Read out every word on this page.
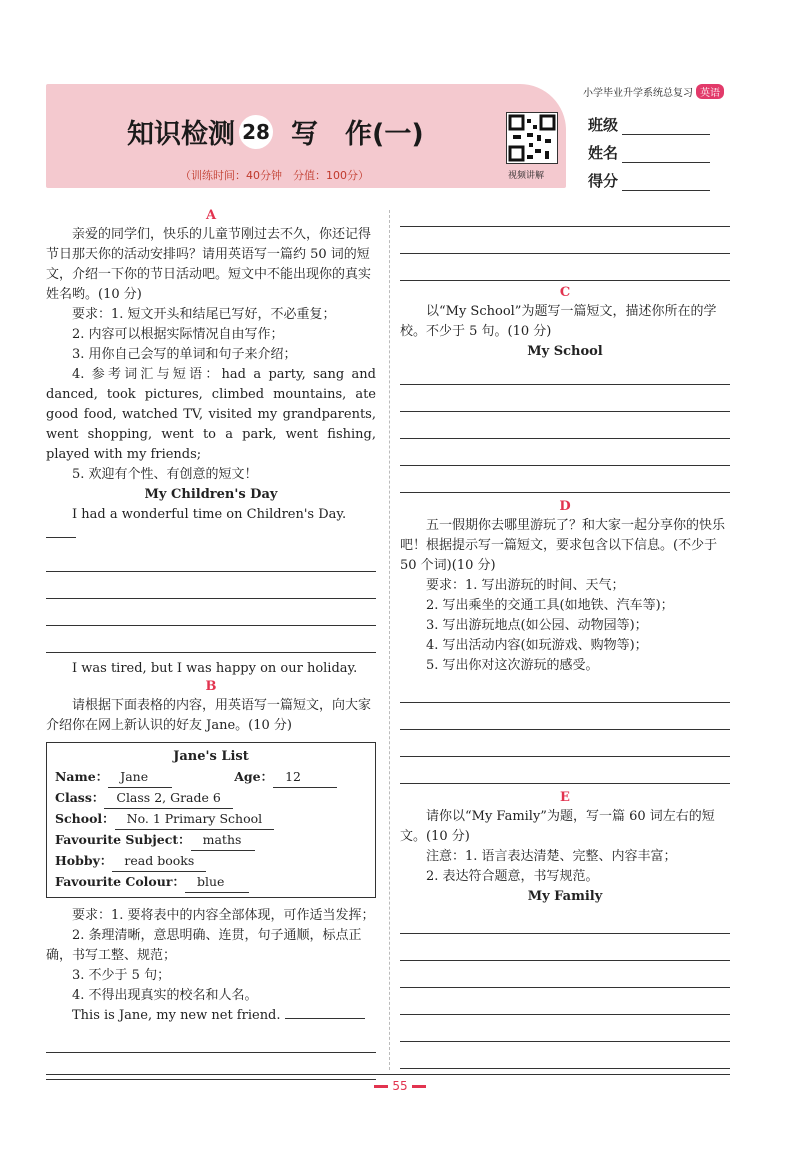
知识检测 28 写　作(一)
（训练时间：40分钟　分值：100分）	视频讲解
小学毕业升学系统总复习 英语
班级
姓名
得分
A

亲爱的同学们，快乐的儿童节刚过去不久，你还记得节日那天你的活动安排吗？请用英语写一篇约 50 词的短文，介绍一下你的节日活动吧。短文中不能出现你的真实姓名哟。(10 分)

要求：1. 短文开头和结尾已写好，不必重复；

2. 内容可以根据实际情况自由写作；

3. 用你自己会写的单词和句子来介绍；

4. 参考词汇与短语：had a party, sang and danced, took pictures, climbed mountains, ate good food, watched TV, visited my grandparents, went shopping, went to a park, went fishing, played with my friends;

5. 欢迎有个性、有创意的短文！

My Children's Day

I had a wonderful time on Children's Day.

I was tired, but I was happy on our holiday.

B

请根据下面表格的内容，用英语写一篇短文，向大家介绍你在网上新认识的好友 Jane。(10 分)

Jane's List

Name： Jane	Age： 12

Class： Class 2, Grade 6

School： No. 1 Primary School

Favourite Subject： maths

Hobby： read books

Favourite Colour： blue

要求：1. 要将表中的内容全部体现，可作适当发挥；

2. 条理清晰，意思明确、连贯，句子通顺，标点正确，书写工整、规范；

3. 不少于 5 句；

4. 不得出现真实的校名和人名。

This is Jane, my new net friend.

C

以“My School”为题写一篇短文，描述你所在的学校。不少于 5 句。(10 分)

My School
D

五一假期你去哪里游玩了？和大家一起分享你的快乐吧！根据提示写一篇短文，要求包含以下信息。(不少于 50 个词)(10 分)

要求：1. 写出游玩的时间、天气；

2. 写出乘坐的交通工具(如地铁、汽车等)；

3. 写出游玩地点(如公园、动物园等)；

4. 写出活动内容(如玩游戏、购物等)；

5. 写出你对这次游玩的感受。

E

请你以“My Family”为题，写一篇 60 词左右的短文。(10 分)

注意：1. 语言表达清楚、完整、内容丰富；

2. 表达符合题意，书写规范。

My Family
55
